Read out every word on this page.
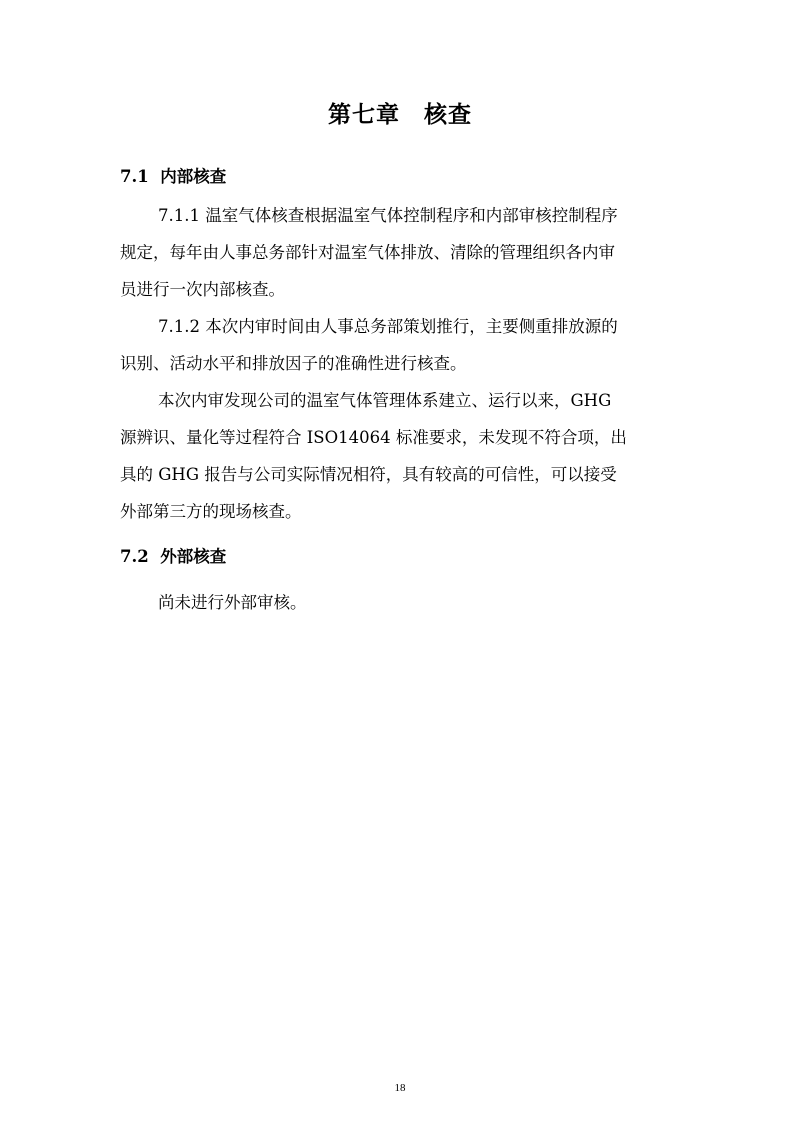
第七章　核查
7.1  内部核查
7.1.1 温室气体核查根据温室气体控制程序和内部审核控制程序
规定，每年由人事总务部针对温室气体排放、清除的管理组织各内审
员进行一次内部核查。
7.1.2 本次内审时间由人事总务部策划推行，主要侧重排放源的
识别、活动水平和排放因子的准确性进行核查。
本次内审发现公司的温室气体管理体系建立、运行以来，GHG
源辨识、量化等过程符合 ISO14064 标准要求，未发现不符合项，出
具的 GHG 报告与公司实际情况相符，具有较高的可信性，可以接受
外部第三方的现场核查。
7.2  外部核查
尚未进行外部审核。
18
